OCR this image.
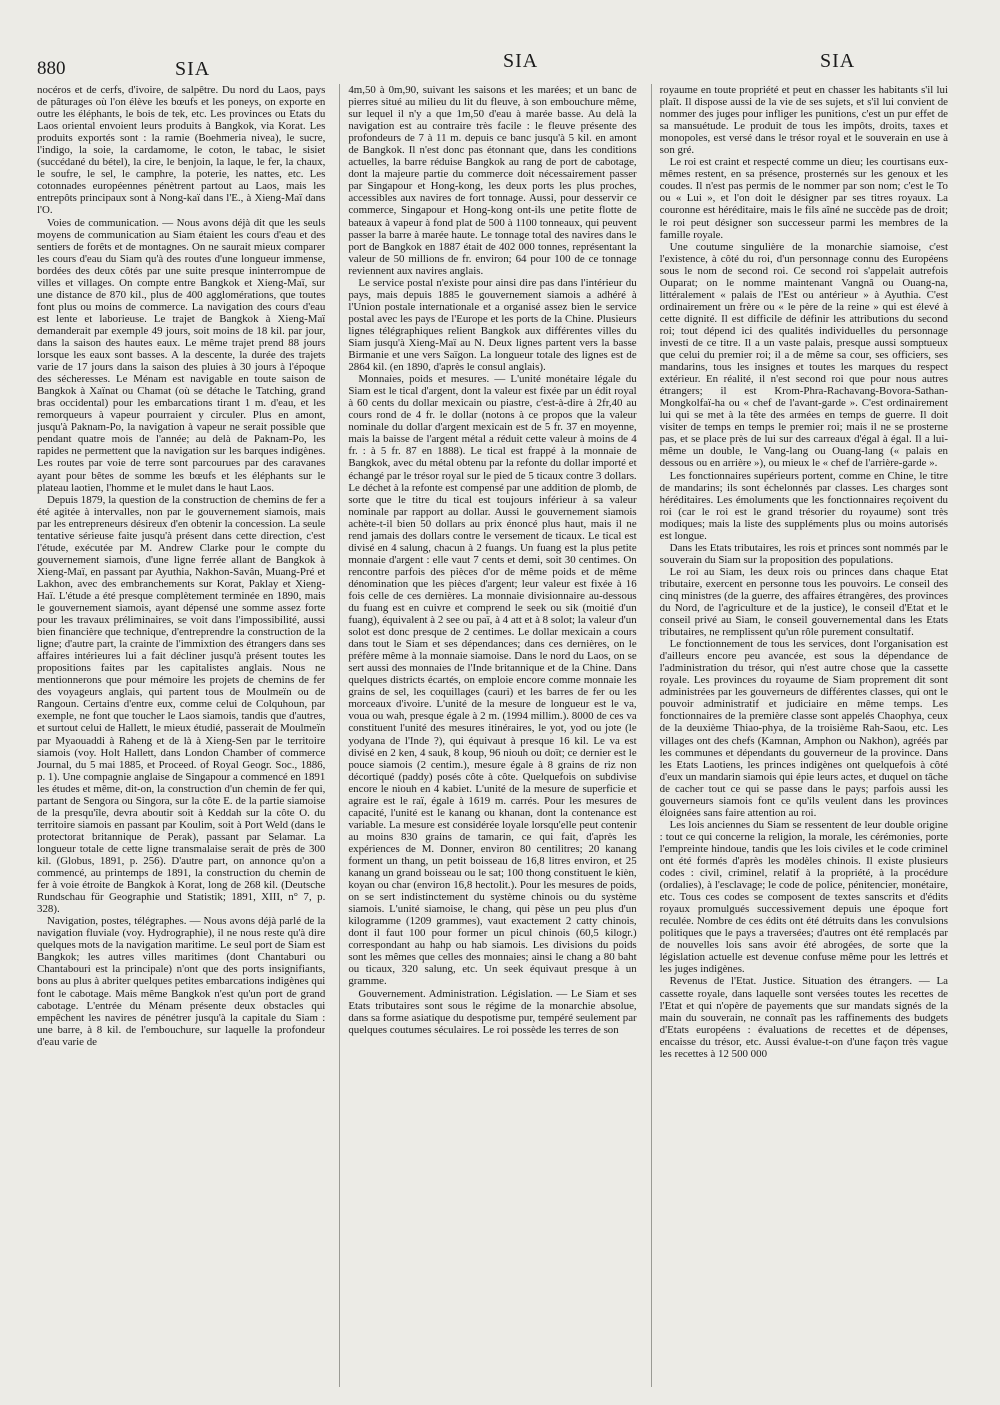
880	SIA	SIA	SIA

nocéros et de cerfs, d'ivoire, de salpêtre. Du nord du Laos, pays de pâturages où l'on élève les bœufs et les poneys, on exporte en outre les éléphants, le bois de tek, etc. Les provinces ou Etats du Laos oriental envoient leurs produits à Bangkok, via Korat. Les produits exportés sont : la ramie (Boehmeria nivea), le sucre, l'indigo, la soie, la cardamome, le coton, le tabac, le sisiet (succédané du bétel), la cire, le benjoin, la laque, le fer, la chaux, le soufre, le sel, le camphre, la poterie, les nattes, etc. Les cotonnades européennes pénètrent partout au Laos, mais les entrepôts principaux sont à Nong-kaï dans l'E., à Xieng-Maï dans l'O.

Voies de communication. — Nous avons déjà dit que les seuls moyens de communication au Siam étaient les cours d'eau et des sentiers de forêts et de montagnes. On ne saurait mieux comparer les cours d'eau du Siam qu'à des routes d'une longueur immense, bordées des deux côtés par une suite presque ininterrompue de villes et villages. On compte entre Bangkok et Xieng-Maï, sur une distance de 870 kil., plus de 400 agglomérations, que toutes font plus ou moins de commerce. La navigation des cours d'eau est lente et laborieuse. Le trajet de Bangkok à Xieng-Maï demanderait par exemple 49 jours, soit moins de 18 kil. par jour, dans la saison des hautes eaux. Le même trajet prend 88 jours lorsque les eaux sont basses. A la descente, la durée des trajets varie de 17 jours dans la saison des pluies à 30 jours à l'époque des sécheresses. Le Ménam est navigable en toute saison de Bangkok à Xaïnat ou Chamat (où se détache le Tatching, grand bras occidental) pour les embarcations tirant 1 m. d'eau, et les remorqueurs à vapeur pourraient y circuler. Plus en amont, jusqu'à Paknam-Po, la navigation à vapeur ne serait possible que pendant quatre mois de l'année; au delà de Paknam-Po, les rapides ne permettent que la navigation sur les barques indigènes. Les routes par voie de terre sont parcourues par des caravanes ayant pour bêtes de somme les bœufs et les éléphants sur le plateau laotien, l'homme et le mulet dans le haut Laos.

Depuis 1879, la question de la construction de chemins de fer a été agitée à intervalles, non par le gouvernement siamois, mais par les entrepreneurs désireux d'en obtenir la concession. La seule tentative sérieuse faite jusqu'à présent dans cette direction, c'est l'étude, exécutée par M. Andrew Clarke pour le compte du gouvernement siamois, d'une ligne ferrée allant de Bangkok à Xieng-Maï, en passant par Ayuthia, Nakhon-Savân, Muang-Pré et Lakhon, avec des embranchements sur Korat, Paklay et Xieng-Haï. L'étude a été presque complètement terminée en 1890, mais le gouvernement siamois, ayant dépensé une somme assez forte pour les travaux préliminaires, se voit dans l'impossibilité, aussi bien financière que technique, d'entreprendre la construction de la ligne; d'autre part, la crainte de l'immixtion des étrangers dans ses affaires intérieures lui a fait décliner jusqu'à présent toutes les propositions faites par les capitalistes anglais. Nous ne mentionnerons que pour mémoire les projets de chemins de fer des voyageurs anglais, qui partent tous de Moulmeïn ou de Rangoun. Certains d'entre eux, comme celui de Colquhoun, par exemple, ne font que toucher le Laos siamois, tandis que d'autres, et surtout celui de Hallett, le mieux étudié, passerait de Moulmeïn par Myaouaddi à Raheng et de là à Xieng-Sen par le territoire siamois (voy. Holt Hallett, dans London Chamber of commerce Journal, du 5 mai 1885, et Proceed. of Royal Geogr. Soc., 1886, p. 1). Une compagnie anglaise de Singapour a commencé en 1891 les études et même, dit-on, la construction d'un chemin de fer qui, partant de Sengora ou Singora, sur la côte E. de la partie siamoise de la presqu'île, devra aboutir soit à Keddah sur la côte O. du territoire siamois en passant par Koulim, soit à Port Weld (dans le protectorat britannique de Perak), passant par Selamar. La longueur totale de cette ligne transmalaise serait de près de 300 kil. (Globus, 1891, p. 256). D'autre part, on annonce qu'on a commencé, au printemps de 1891, la construction du chemin de fer à voie étroite de Bangkok à Korat, long de 268 kil. (Deutsche Rundschau für Geographie und Statistik; 1891, XIII, n° 7, p. 328).

Navigation, postes, télégraphes. — Nous avons déjà parlé de la navigation fluviale (voy. Hydrographie), il ne nous reste qu'à dire quelques mots de la navigation maritime. Le seul port de Siam est Bangkok; les autres villes maritimes (dont Chantaburi ou Chantabouri est la principale) n'ont que des ports insignifiants, bons au plus à abriter quelques petites embarcations indigènes qui font le cabotage. Mais même Bangkok n'est qu'un port de grand cabotage. L'entrée du Ménam présente deux obstacles qui empêchent les navires de pénétrer jusqu'à la capitale du Siam : une barre, à 8 kil. de l'embouchure, sur laquelle la profondeur d'eau varie de

4m,50 à 0m,90, suivant les saisons et les marées; et un banc de pierres situé au milieu du lit du fleuve, à son embouchure même, sur lequel il n'y a que 1m,50 d'eau à marée basse. Au delà la navigation est au contraire très facile : le fleuve présente des profondeurs de 7 à 11 m. depuis ce banc jusqu'à 5 kil. en amont de Bangkok. Il n'est donc pas étonnant que, dans les conditions actuelles, la barre réduise Bangkok au rang de port de cabotage, dont la majeure partie du commerce doit nécessairement passer par Singapour et Hong-kong, les deux ports les plus proches, accessibles aux navires de fort tonnage. Aussi, pour desservir ce commerce, Singapour et Hong-kong ont-ils une petite flotte de bateaux à vapeur à fond plat de 500 à 1100 tonneaux, qui peuvent passer la barre à marée haute. Le tonnage total des navires dans le port de Bangkok en 1887 était de 402 000 tonnes, représentant la valeur de 50 millions de fr. environ; 64 pour 100 de ce tonnage reviennent aux navires anglais.

Le service postal n'existe pour ainsi dire pas dans l'intérieur du pays, mais depuis 1885 le gouvernement siamois a adhéré à l'Union postale internationale et a organisé assez bien le service postal avec les pays de l'Europe et les ports de la Chine. Plusieurs lignes télégraphiques relient Bangkok aux différentes villes du Siam jusqu'à Xieng-Maï au N. Deux lignes partent vers la basse Birmanie et une vers Saïgon. La longueur totale des lignes est de 2864 kil. (en 1890, d'après le consul anglais).

Monnaies, poids et mesures. — L'unité monétaire légale du Siam est le tical d'argent, dont la valeur est fixée par un édit royal à 60 cents du dollar mexicain ou piastre, c'est-à-dire à 2fr,40 au cours rond de 4 fr. le dollar (notons à ce propos que la valeur nominale du dollar d'argent mexicain est de 5 fr. 37 en moyenne, mais la baisse de l'argent métal a réduit cette valeur à moins de 4 fr. : à 5 fr. 87 en 1888). Le tical est frappé à la monnaie de Bangkok, avec du métal obtenu par la refonte du dollar importé et échangé par le trésor royal sur le pied de 5 ticaux contre 3 dollars. Le déchet à la refonte est compensé par une addition de plomb, de sorte que le titre du tical est toujours inférieur à sa valeur nominale par rapport au dollar. Aussi le gouvernement siamois achète-t-il bien 50 dollars au prix énoncé plus haut, mais il ne rend jamais des dollars contre le versement de ticaux. Le tical est divisé en 4 salung, chacun à 2 fuangs. Un fuang est la plus petite monnaie d'argent : elle vaut 7 cents et demi, soit 30 centimes. On rencontre parfois des pièces d'or de même poids et de même dénomination que les pièces d'argent; leur valeur est fixée à 16 fois celle de ces dernières. La monnaie divisionnaire au-dessous du fuang est en cuivre et comprend le seek ou sik (moitié d'un fuang), équivalent à 2 see ou paï, à 4 att et à 8 solot; la valeur d'un solot est donc presque de 2 centimes. Le dollar mexicain a cours dans tout le Siam et ses dépendances; dans ces dernières, on le préfère même à la monnaie siamoise. Dans le nord du Laos, on se sert aussi des monnaies de l'Inde britannique et de la Chine. Dans quelques districts écartés, on emploie encore comme monnaie les grains de sel, les coquillages (cauri) et les barres de fer ou les morceaux d'ivoire. L'unité de la mesure de longueur est le va, voua ou wah, presque égale à 2 m. (1994 millim.). 8000 de ces va constituent l'unité des mesures itinéraires, le yot, yod ou jote (le yodyana de l'Inde ?), qui équivaut à presque 16 kil. Le va est divisé en 2 ken, 4 sauk, 8 koup, 96 niouh ou doït; ce dernier est le pouce siamois (2 centim.), mesure égale à 8 grains de riz non décortiqué (paddy) posés côte à côte. Quelquefois on subdivise encore le niouh en 4 kabiet. L'unité de la mesure de superficie et agraire est le raï, égale à 1619 m. carrés. Pour les mesures de capacité, l'unité est le kanang ou khanan, dont la contenance est variable. La mesure est considérée loyale lorsqu'elle peut contenir au moins 830 grains de tamarin, ce qui fait, d'après les expériences de M. Donner, environ 80 centilitres; 20 kanang forment un thang, un petit boisseau de 16,8 litres environ, et 25 kanang un grand boisseau ou le sat; 100 thong constituent le kièn, koyan ou char (environ 16,8 hectolit.). Pour les mesures de poids, on se sert indistinctement du système chinois ou du système siamois. L'unité siamoise, le chang, qui pèse un peu plus d'un kilogramme (1209 grammes), vaut exactement 2 catty chinois, dont il faut 100 pour former un picul chinois (60,5 kilogr.) correspondant au hahp ou hab siamois. Les divisions du poids sont les mêmes que celles des monnaies; ainsi le chang a 80 baht ou ticaux, 320 salung, etc. Un seek équivaut presque à un gramme.

Gouvernement. Administration. Législation. — Le Siam et ses Etats tributaires sont sous le régime de la monarchie absolue, dans sa forme asiatique du despotisme pur, tempéré seulement par quelques coutumes séculaires. Le roi possède les terres de son

royaume en toute propriété et peut en chasser les habitants s'il lui plaît. Il dispose aussi de la vie de ses sujets, et s'il lui convient de nommer des juges pour infliger les punitions, c'est un pur effet de sa mansuétude. Le produit de tous les impôts, droits, taxes et monopoles, est versé dans le trésor royal et le souverain en use à son gré.

Le roi est craint et respecté comme un dieu; les courtisans eux-mêmes restent, en sa présence, prosternés sur les genoux et les coudes. Il n'est pas permis de le nommer par son nom; c'est le To ou « Lui », et l'on doit le désigner par ses titres royaux. La couronne est héréditaire, mais le fils aîné ne succède pas de droit; le roi peut désigner son successeur parmi les membres de la famille royale.

Une coutume singulière de la monarchie siamoise, c'est l'existence, à côté du roi, d'un personnage connu des Européens sous le nom de second roi. Ce second roi s'appelait autrefois Ouparat; on le nomme maintenant Vangnâ ou Ouang-na, littéralement « palais de l'Est ou antérieur » à Ayuthia. C'est ordinairement un frère ou « le père de la reine » qui est élevé à cette dignité. Il est difficile de définir les attributions du second roi; tout dépend ici des qualités individuelles du personnage investi de ce titre. Il a un vaste palais, presque aussi somptueux que celui du premier roi; il a de même sa cour, ses officiers, ses mandarins, tous les insignes et toutes les marques du respect extérieur. En réalité, il n'est second roi que pour nous autres étrangers; il est Krom-Phra-Rachavang-Bovora-Sathan-Mongkolfaï-ha ou « chef de l'avant-garde ». C'est ordinairement lui qui se met à la tête des armées en temps de guerre. Il doit visiter de temps en temps le premier roi; mais il ne se prosterne pas, et se place près de lui sur des carreaux d'égal à égal. Il a lui-même un double, le Vang-lang ou Ouang-lang (« palais en dessous ou en arrière »), ou mieux le « chef de l'arrière-garde ».

Les fonctionnaires supérieurs portent, comme en Chine, le titre de mandarins; ils sont échelonnés par classes. Les charges sont héréditaires. Les émoluments que les fonctionnaires reçoivent du roi (car le roi est le grand trésorier du royaume) sont très modiques; mais la liste des suppléments plus ou moins autorisés est longue.

Dans les Etats tributaires, les rois et princes sont nommés par le souverain du Siam sur la proposition des populations.

Le roi au Siam, les deux rois ou princes dans chaque Etat tributaire, exercent en personne tous les pouvoirs. Le conseil des cinq ministres (de la guerre, des affaires étrangères, des provinces du Nord, de l'agriculture et de la justice), le conseil d'Etat et le conseil privé au Siam, le conseil gouvernemental dans les Etats tributaires, ne remplissent qu'un rôle purement consultatif.

Le fonctionnement de tous les services, dont l'organisation est d'ailleurs encore peu avancée, est sous la dépendance de l'administration du trésor, qui n'est autre chose que la cassette royale. Les provinces du royaume de Siam proprement dit sont administrées par les gouverneurs de différentes classes, qui ont le pouvoir administratif et judiciaire en même temps. Les fonctionnaires de la première classe sont appelés Chaophya, ceux de la deuxième Thiao-phya, de la troisième Rah-Saou, etc. Les villages ont des chefs (Kamnan, Amphon ou Nakhon), agréés par les communes et dépendants du gouverneur de la province. Dans les Etats Laotiens, les princes indigènes ont quelquefois à côté d'eux un mandarin siamois qui épie leurs actes, et duquel on tâche de cacher tout ce qui se passe dans le pays; parfois aussi les gouverneurs siamois font ce qu'ils veulent dans les provinces éloignées sans faire attention au roi.

Les lois anciennes du Siam se ressentent de leur double origine : tout ce qui concerne la religion, la morale, les cérémonies, porte l'empreinte hindoue, tandis que les lois civiles et le code criminel ont été formés d'après les modèles chinois. Il existe plusieurs codes : civil, criminel, relatif à la propriété, à la procédure (ordalies), à l'esclavage; le code de police, pénitencier, monétaire, etc. Tous ces codes se composent de textes sanscrits et d'édits royaux promulgués successivement depuis une époque fort reculée. Nombre de ces édits ont été détruits dans les convulsions politiques que le pays a traversées; d'autres ont été remplacés par de nouvelles lois sans avoir été abrogées, de sorte que la législation actuelle est devenue confuse même pour les lettrés et les juges indigènes.

Revenus de l'Etat. Justice. Situation des étrangers. — La cassette royale, dans laquelle sont versées toutes les recettes de l'Etat et qui n'opère de payements que sur mandats signés de la main du souverain, ne connaît pas les raffinements des budgets d'Etats européens : évaluations de recettes et de dépenses, encaisse du trésor, etc. Aussi évalue-t-on d'une façon très vague les recettes à 12 500 000
